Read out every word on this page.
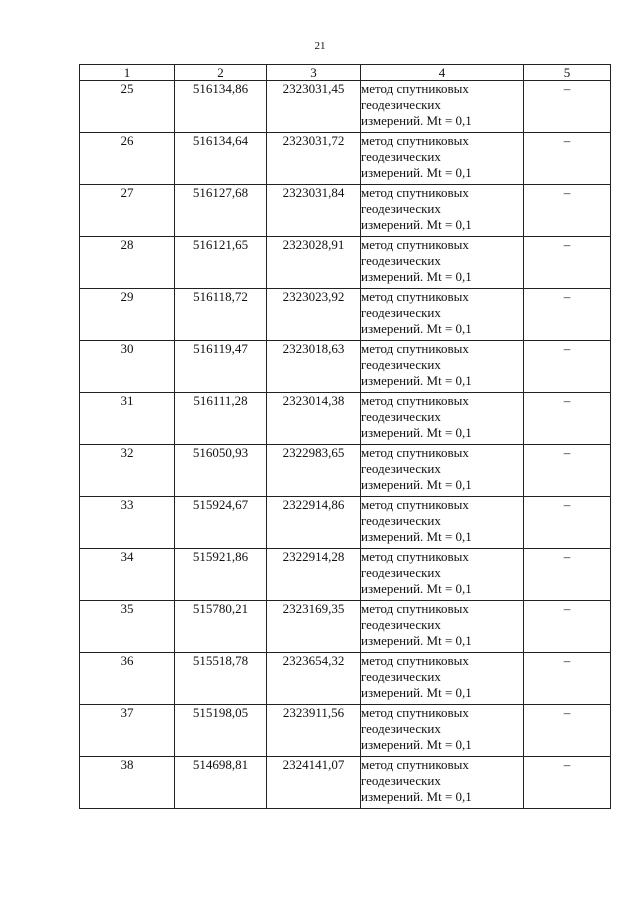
21
1	2	3	4	5
25	516134,86	2323031,45	метод спутниковых
геодезических
измерений. Mt = 0,1	–
26	516134,64	2323031,72	метод спутниковых
геодезических
измерений. Mt = 0,1	–
27	516127,68	2323031,84	метод спутниковых
геодезических
измерений. Mt = 0,1	–
28	516121,65	2323028,91	метод спутниковых
геодезических
измерений. Mt = 0,1	–
29	516118,72	2323023,92	метод спутниковых
геодезических
измерений. Mt = 0,1	–
30	516119,47	2323018,63	метод спутниковых
геодезических
измерений. Mt = 0,1	–
31	516111,28	2323014,38	метод спутниковых
геодезических
измерений. Mt = 0,1	–
32	516050,93	2322983,65	метод спутниковых
геодезических
измерений. Mt = 0,1	–
33	515924,67	2322914,86	метод спутниковых
геодезических
измерений. Mt = 0,1	–
34	515921,86	2322914,28	метод спутниковых
геодезических
измерений. Mt = 0,1	–
35	515780,21	2323169,35	метод спутниковых
геодезических
измерений. Mt = 0,1	–
36	515518,78	2323654,32	метод спутниковых
геодезических
измерений. Mt = 0,1	–
37	515198,05	2323911,56	метод спутниковых
геодезических
измерений. Mt = 0,1	–
38	514698,81	2324141,07	метод спутниковых
геодезических
измерений. Mt = 0,1	–
